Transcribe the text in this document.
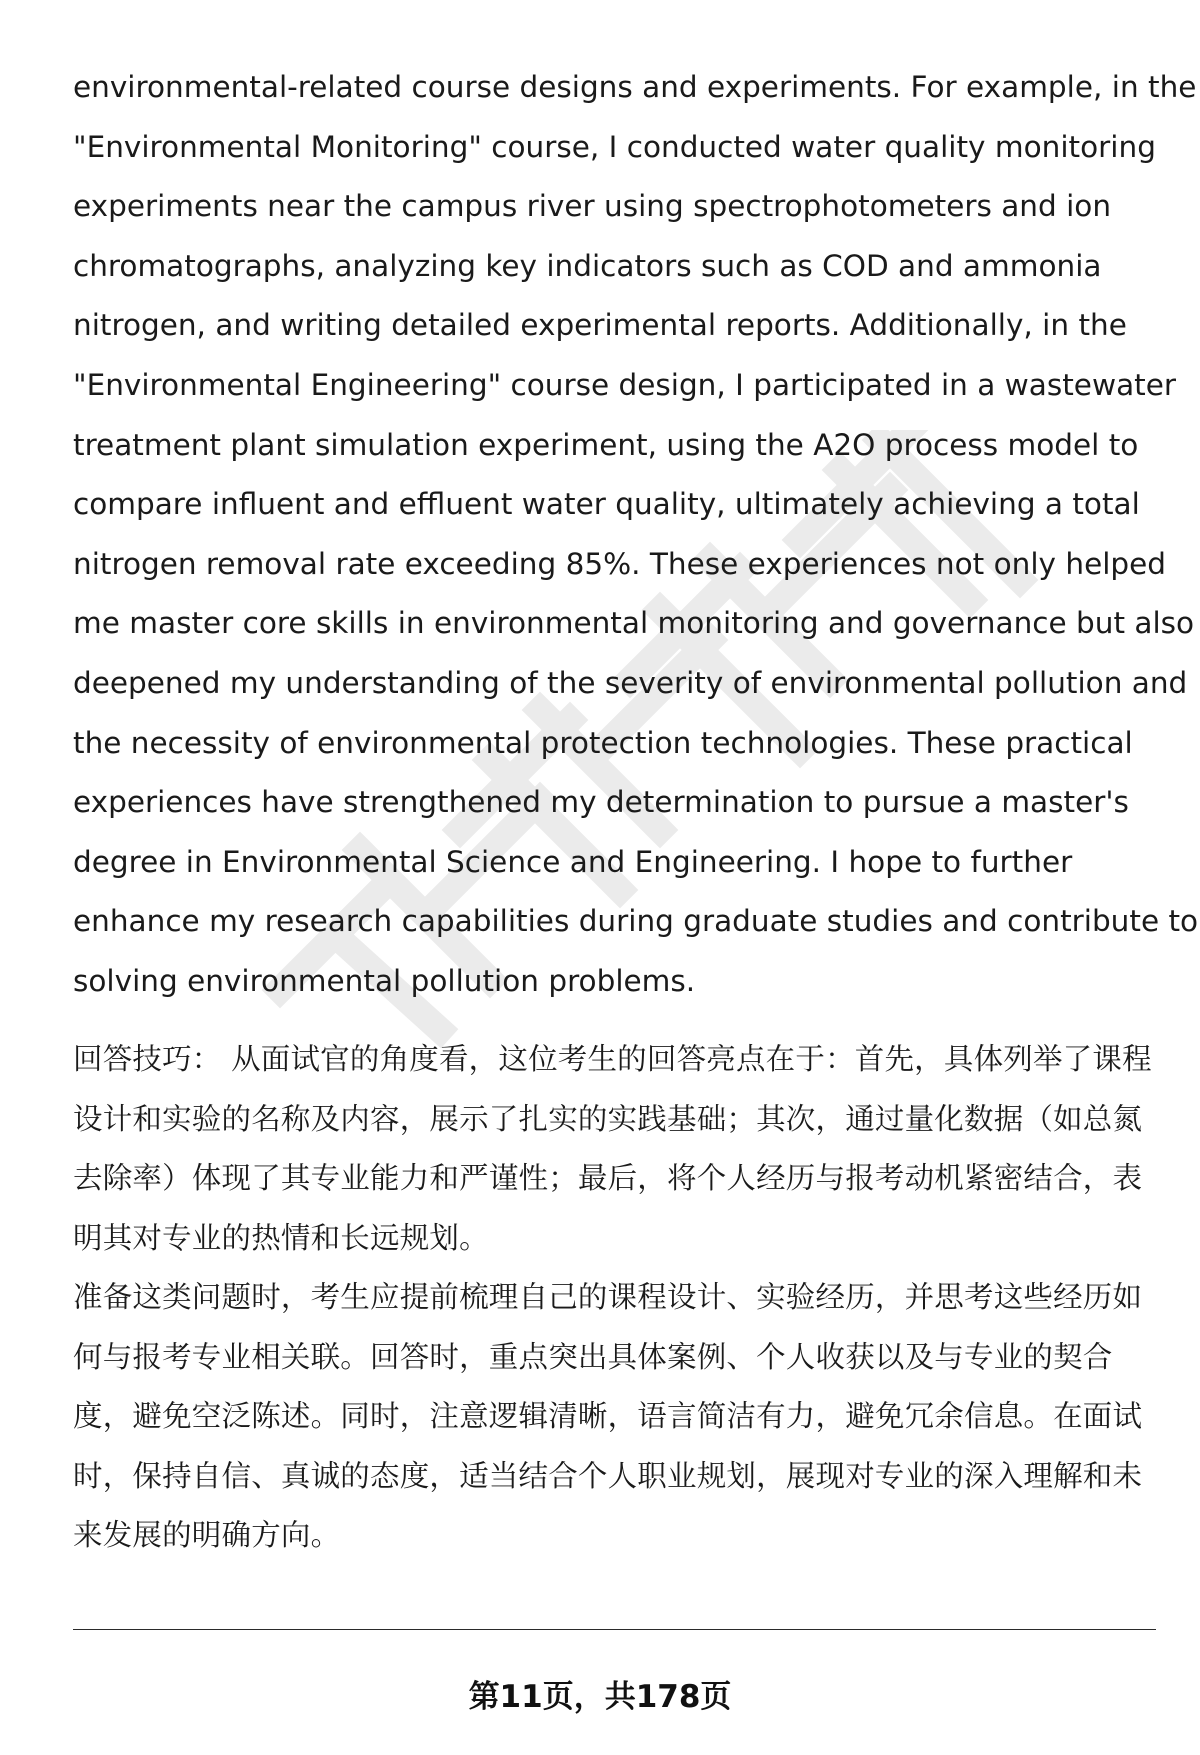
environmental-related course designs and experiments. For example, in the
"Environmental Monitoring" course, I conducted water quality monitoring
experiments near the campus river using spectrophotometers and ion
chromatographs, analyzing key indicators such as COD and ammonia
nitrogen, and writing detailed experimental reports. Additionally, in the
"Environmental Engineering" course design, I participated in a wastewater
treatment plant simulation experiment, using the A2O process model to
compare influent and effluent water quality, ultimately achieving a total
nitrogen removal rate exceeding 85%. These experiences not only helped
me master core skills in environmental monitoring and governance but also
deepened my understanding of the severity of environmental pollution and
the necessity of environmental protection technologies. These practical
experiences have strengthened my determination to pursue a master's
degree in Environmental Science and Engineering. I hope to further
enhance my research capabilities during graduate studies and contribute to
solving environmental pollution problems.

回答技巧： 从面试官的角度看，这位考生的回答亮点在于：首先，具体列举了课程
设计和实验的名称及内容，展示了扎实的实践基础；其次，通过量化数据（如总氮
去除率）体现了其专业能力和严谨性；最后，将个人经历与报考动机紧密结合，表
明其对专业的热情和长远规划。
准备这类问题时，考生应提前梳理自己的课程设计、实验经历，并思考这些经历如
何与报考专业相关联。回答时，重点突出具体案例、个人收获以及与专业的契合
度，避免空泛陈述。同时，注意逻辑清晰，语言简洁有力，避免冗余信息。在面试
时，保持自信、真诚的态度，适当结合个人职业规划，展现对专业的深入理解和未
来发展的明确方向。
第11页，共178页
